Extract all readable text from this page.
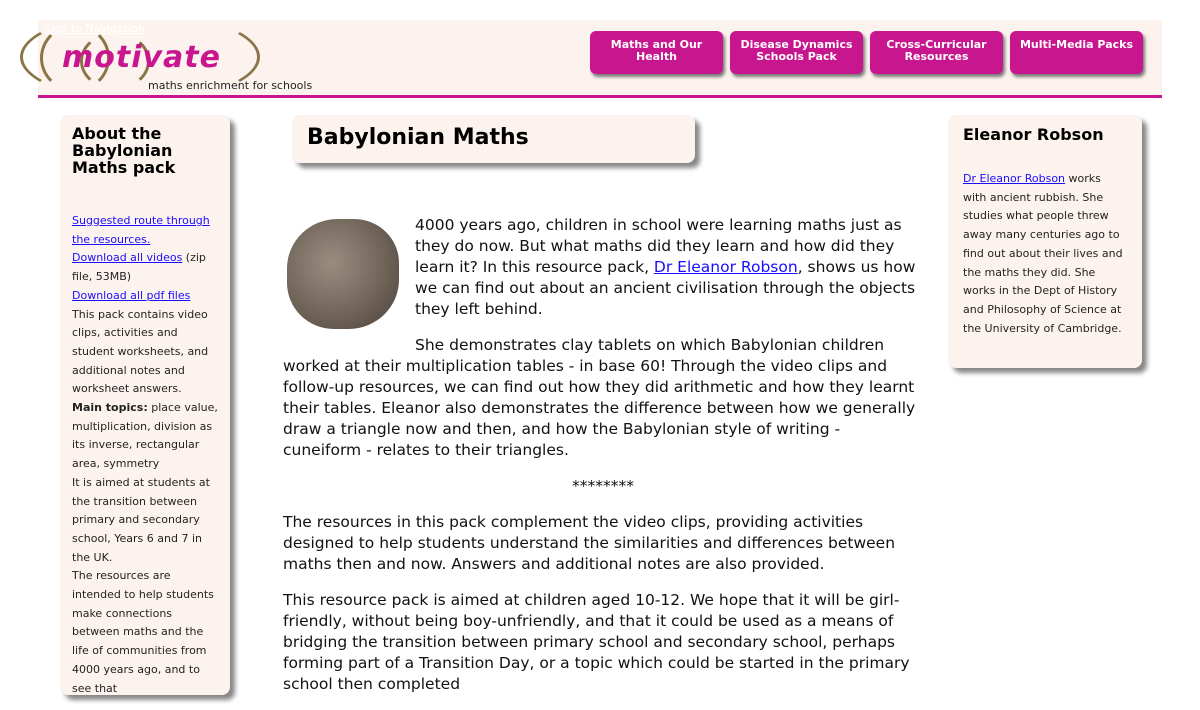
Skip to Navigation
motivate
maths enrichment for schools
Maths and Our Health
Disease Dynamics Schools Pack
Cross-Curricular Resources
Multi-Media Packs
About the Babylonian Maths pack

Suggested route through the resources.
Download all videos (zip file, 53MB)
Download all pdf files
This pack contains video clips, activities and student worksheets, and additional notes and worksheet answers.
Main topics: place value, multiplication, division as its inverse, rectangular area, symmetry
It is aimed at students at the transition between primary and secondary school, Years 6 and 7 in the UK.
The resources are intended to help students make connections between maths and the life of communities from 4000 years ago, and to see that

Babylonian Maths

4000 years ago, children in school were learning maths just as they do now. But what maths did they learn and how did they learn it? In this resource pack, Dr Eleanor Robson, shows us how we can find out about an ancient civilisation through the objects they left behind.

She demonstrates clay tablets on which Babylonian children worked at their multiplication tables - in base 60! Through the video clips and follow-up resources, we can find out how they did arithmetic and how they learnt their tables. Eleanor also demonstrates the difference between how we generally draw a triangle now and then, and how the Babylonian style of writing - cuneiform - relates to their triangles.

********

The resources in this pack complement the video clips, providing activities designed to help students understand the similarities and differences between maths then and now. Answers and additional notes are also provided.

This resource pack is aimed at children aged 10-12. We hope that it will be girl-friendly, without being boy-unfriendly, and that it could be used as a means of bridging the transition between primary school and secondary school, perhaps forming part of a Transition Day, or a topic which could be started in the primary school then completed

Eleanor Robson

Dr Eleanor Robson works with ancient rubbish. She studies what people threw away many centuries ago to find out about their lives and the maths they did. She works in the Dept of History and Philosophy of Science at the University of Cambridge.
